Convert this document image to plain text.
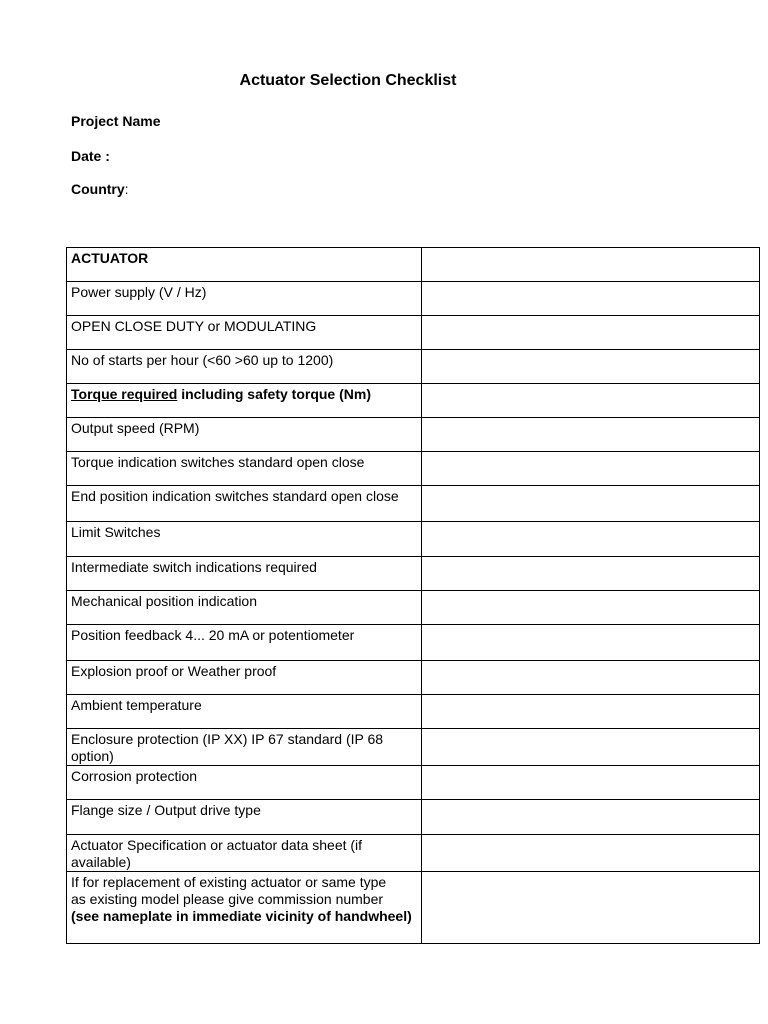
Actuator Selection Checklist
Project Name
Date :
Country:
ACTUATOR	
Power supply (V / Hz)	
OPEN CLOSE DUTY or MODULATING	
No of starts per hour (<60 >60 up to 1200)	
Torque required including safety torque (Nm)	
Output speed (RPM)	
Torque indication switches standard open close	
End position indication switches standard open close	
Limit Switches	
Intermediate switch indications required	
Mechanical position indication	
Position feedback 4... 20 mA or potentiometer	
Explosion proof or Weather proof	
Ambient temperature	
Enclosure protection (IP XX) IP 67 standard (IP 68 option)	
Corrosion protection	
Flange size / Output drive type	
Actuator Specification or actuator data sheet (if available)	
If for replacement of existing actuator or same type
as existing model please give commission number
(see nameplate in immediate vicinity of handwheel)	
